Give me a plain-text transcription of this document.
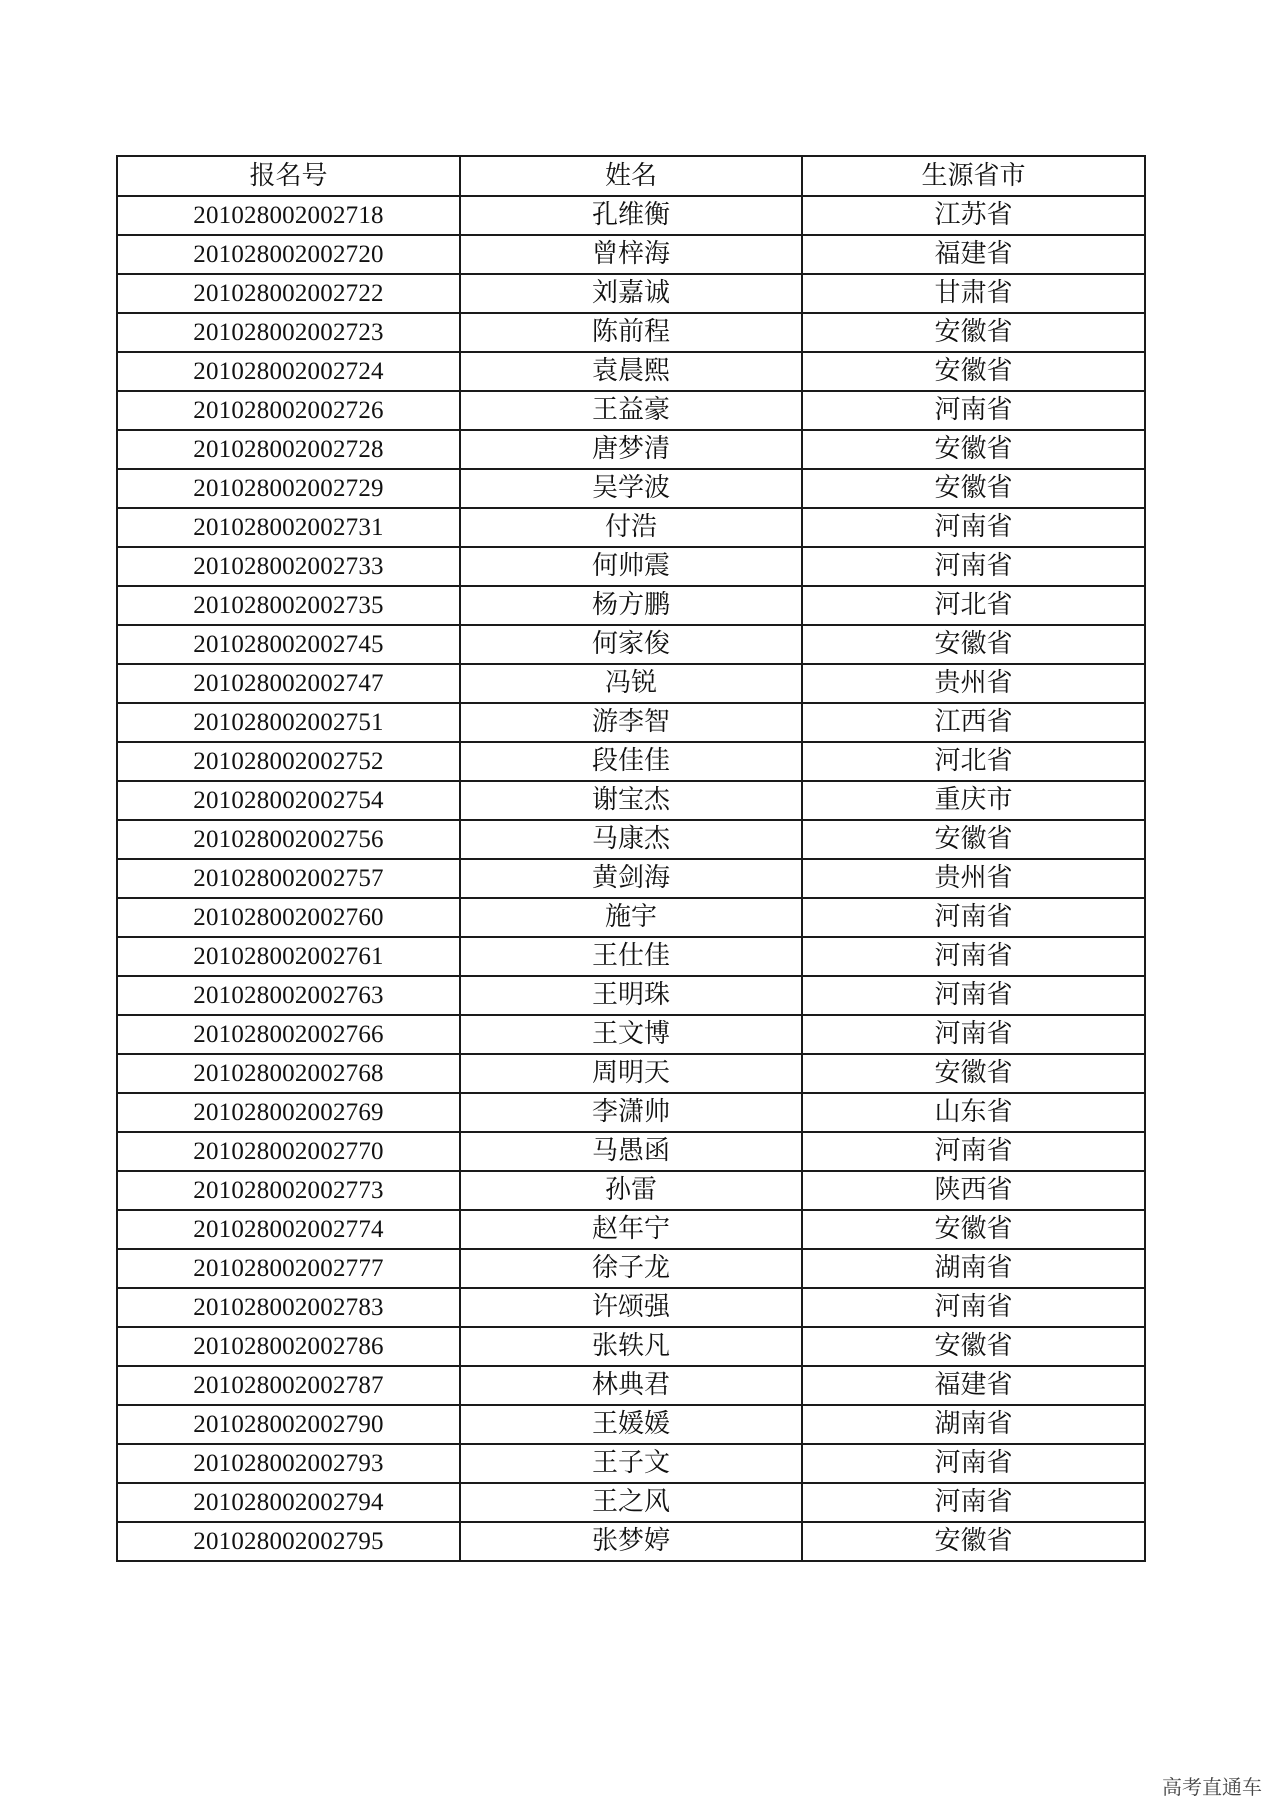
报名号	姓名	生源省市
201028002002718	孔维衡	江苏省
201028002002720	曾梓海	福建省
201028002002722	刘嘉诚	甘肃省
201028002002723	陈前程	安徽省
201028002002724	袁晨熙	安徽省
201028002002726	王益豪	河南省
201028002002728	唐梦清	安徽省
201028002002729	吴学波	安徽省
201028002002731	付浩	河南省
201028002002733	何帅震	河南省
201028002002735	杨方鹏	河北省
201028002002745	何家俊	安徽省
201028002002747	冯锐	贵州省
201028002002751	游李智	江西省
201028002002752	段佳佳	河北省
201028002002754	谢宝杰	重庆市
201028002002756	马康杰	安徽省
201028002002757	黄剑海	贵州省
201028002002760	施宇	河南省
201028002002761	王仕佳	河南省
201028002002763	王明珠	河南省
201028002002766	王文博	河南省
201028002002768	周明天	安徽省
201028002002769	李潇帅	山东省
201028002002770	马愚函	河南省
201028002002773	孙雷	陕西省
201028002002774	赵年宁	安徽省
201028002002777	徐子龙	湖南省
201028002002783	许颂强	河南省
201028002002786	张轶凡	安徽省
201028002002787	林典君	福建省
201028002002790	王媛媛	湖南省
201028002002793	王子文	河南省
201028002002794	王之风	河南省
201028002002795	张梦婷	安徽省
高考直通车
